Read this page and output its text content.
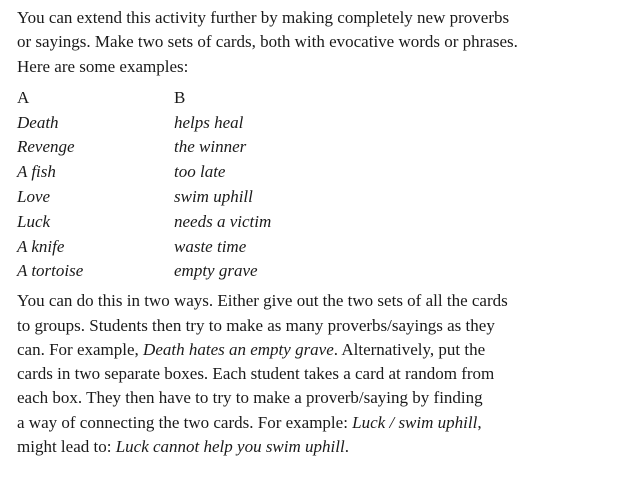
You can extend this activity further by making completely new proverbs
or sayings. Make two sets of cards, both with evocative words or phrases.
Here are some examples:

A
Death
Revenge
A fish
Love
Luck
A knife
A tortoise
B
helps heal
the winner
too late
swim uphill
needs a victim
waste time
empty grave

You can do this in two ways. Either give out the two sets of all the cards
to groups. Students then try to make as many proverbs/sayings as they
can. For example, Death hates an empty grave. Alternatively, put the
cards in two separate boxes. Each student takes a card at random from
each box. They then have to try to make a proverb/saying by finding
a way of connecting the two cards. For example: Luck / swim uphill,
might lead to: Luck cannot help you swim uphill.
